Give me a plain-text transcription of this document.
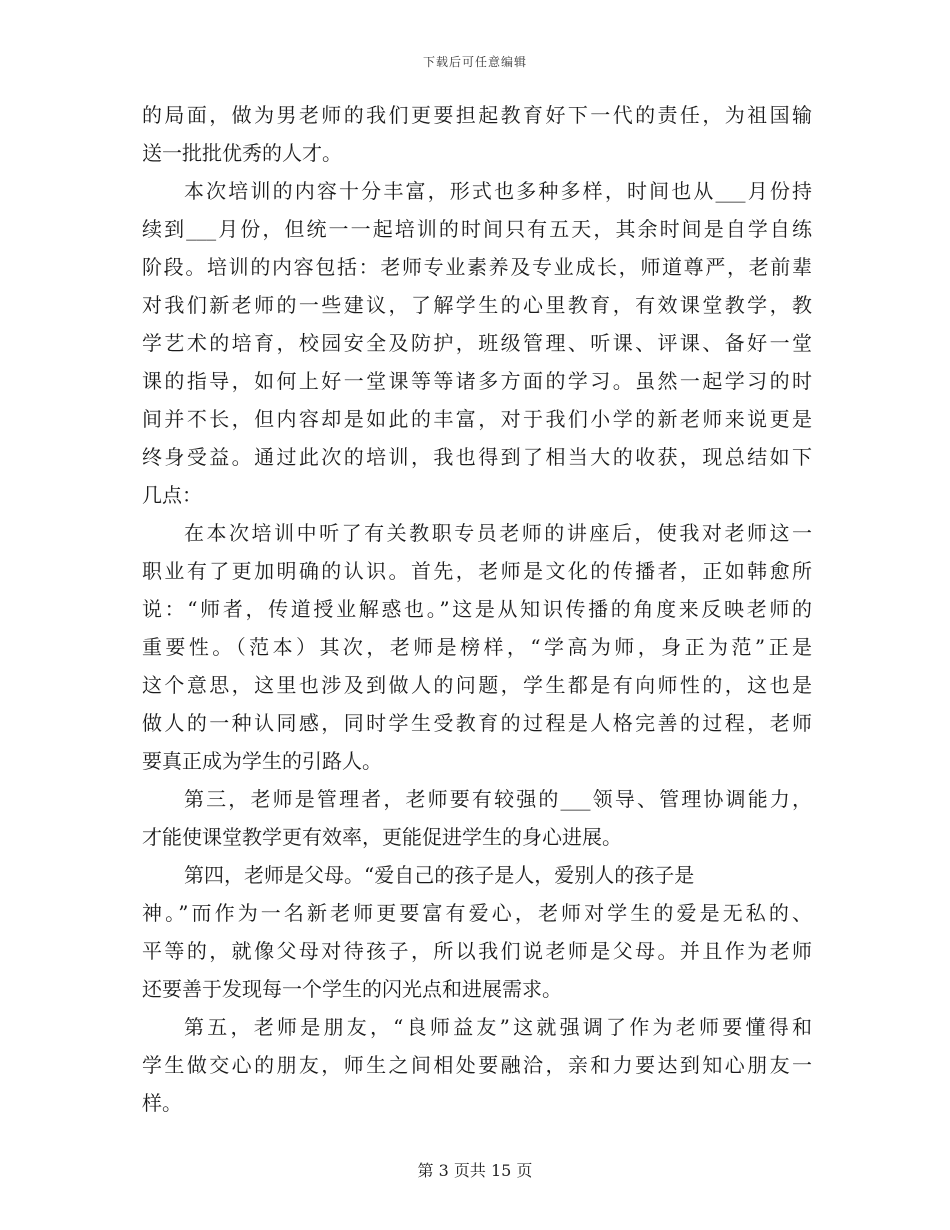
下载后可任意编辑
的局面，做为男老师的我们更要担起教育好下一代的责任，为祖国输
送一批批优秀的人才。
本次培训的内容十分丰富，形式也多种多样，时间也从___月份持
续到___月份，但统一一起培训的时间只有五天，其余时间是自学自练
阶段。培训的内容包括：老师专业素养及专业成长，师道尊严，老前辈
对我们新老师的一些建议，了解学生的心里教育，有效课堂教学，教
学艺术的培育，校园安全及防护，班级管理、听课、评课、备好一堂
课的指导，如何上好一堂课等等诸多方面的学习。虽然一起学习的时
间并不长，但内容却是如此的丰富，对于我们小学的新老师来说更是
终身受益。通过此次的培训，我也得到了相当大的收获，现总结如下
几点：
在本次培训中听了有关教职专员老师的讲座后，使我对老师这一
职业有了更加明确的认识。首先，老师是文化的传播者，正如韩愈所
说：“师者，传道授业解惑也。”这是从知识传播的角度来反映老师的
重要性。（范本）其次，老师是榜样，“学高为师，身正为范”正是
这个意思，这里也涉及到做人的问题，学生都是有向师性的，这也是
做人的一种认同感，同时学生受教育的过程是人格完善的过程，老师
要真正成为学生的引路人。
第三，老师是管理者，老师要有较强的___领导、管理协调能力，
才能使课堂教学更有效率，更能促进学生的身心进展。
第四，老师是父母。“爱自己的孩子是人，爱别人的孩子是
神。”而作为一名新老师更要富有爱心，老师对学生的爱是无私的、
平等的，就像父母对待孩子，所以我们说老师是父母。并且作为老师
还要善于发现每一个学生的闪光点和进展需求。
第五，老师是朋友，“良师益友”这就强调了作为老师要懂得和
学生做交心的朋友，师生之间相处要融洽，亲和力要达到知心朋友一
样。
第 3 页共 15 页
